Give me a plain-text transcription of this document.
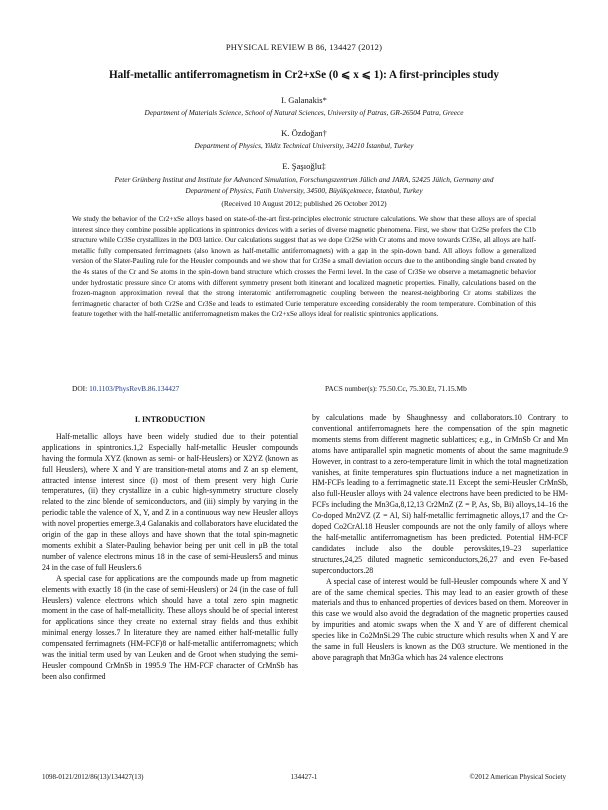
PHYSICAL REVIEW B 86, 134427 (2012)
Half-metallic antiferromagnetism in Cr2+xSe (0 ⩽ x ⩽ 1): A first-principles study
I. Galanakis*
Department of Materials Science, School of Natural Sciences, University of Patras, GR-26504 Patra, Greece
K. Özdoğan†
Department of Physics, Yildiz Technical University, 34210 İstanbul, Turkey
E. Şaşıoğlu‡
Peter Grünberg Institut and Institute for Advanced Simulation, Forschungszentrum Jülich and JARA, 52425 Jülich, Germany and
Department of Physics, Fatih University, 34500, Büyükçekmece, İstanbul, Turkey
(Received 10 August 2012; published 26 October 2012)
We study the behavior of the Cr2+xSe alloys based on state-of-the-art first-principles electronic structure calculations. We show that these alloys are of special interest since they combine possible applications in spintronics devices with a series of diverse magnetic phenomena. First, we show that Cr2Se prefers the C1b structure while Cr3Se crystallizes in the D03 lattice. Our calculations suggest that as we dope Cr2Se with Cr atoms and move towards Cr3Se, all alloys are half-metallic fully compensated ferrimagnets (also known as half-metallic antiferromagnets) with a gap in the spin-down band. All alloys follow a generalized version of the Slater-Pauling rule for the Heusler compounds and we show that for Cr3Se a small deviation occurs due to the antibonding single band created by the 4s states of the Cr and Se atoms in the spin-down band structure which crosses the Fermi level. In the case of Cr3Se we observe a metamagnetic behavior under hydrostatic pressure since Cr atoms with different symmetry present both itinerant and localized magnetic properties. Finally, calculations based on the frozen-magnon approximation reveal that the strong interatomic antiferromagnetic coupling between the nearest-neighboring Cr atoms stabilizes the ferrimagnetic character of both Cr2Se and Cr3Se and leads to estimated Curie temperature exceeding considerably the room temperature. Combination of this feature together with the half-metallic antiferromagnetism makes the Cr2+xSe alloys ideal for realistic spintronics applications.
DOI: 10.1103/PhysRevB.86.134427	PACS number(s): 75.50.Cc, 75.30.Et, 71.15.Mb
I. INTRODUCTION

Half-metallic alloys have been widely studied due to their potential applications in spintronics.1,2 Especially half-metallic Heusler compounds having the formula XYZ (known as semi- or half-Heuslers) or X2YZ (known as full Heuslers), where X and Y are transition-metal atoms and Z an sp element, attracted intense interest since (i) most of them present very high Curie temperatures, (ii) they crystallize in a cubic high-symmetry structure closely related to the zinc blende of semiconductors, and (iii) simply by varying in the periodic table the valence of X, Y, and Z in a continuous way new Heusler alloys with novel properties emerge.3,4 Galanakis and collaborators have elucidated the origin of the gap in these alloys and have shown that the total spin-magnetic moments exhibit a Slater-Pauling behavior being per unit cell in μB the total number of valence electrons minus 18 in the case of semi-Heuslers5 and minus 24 in the case of full Heuslers.6

A special case for applications are the compounds made up from magnetic elements with exactly 18 (in the case of semi-Heuslers) or 24 (in the case of full Heuslers) valence electrons which should have a total zero spin magnetic moment in the case of half-metallicity. These alloys should be of special interest for applications since they create no external stray fields and thus exhibit minimal energy losses.7 In literature they are named either half-metallic fully compensated ferrimagnets (HM-FCF)8 or half-metallic antiferromagnets; which was the initial term used by van Leuken and de Groot when studying the semi-Heusler compound CrMnSb in 1995.9 The HM-FCF character of CrMnSb has been also confirmed

by calculations made by Shaughnessy and collaborators.10 Contrary to conventional antiferromagnets here the compensation of the spin magnetic moments stems from different magnetic sublattices; e.g., in CrMnSb Cr and Mn atoms have antiparallel spin magnetic moments of about the same magnitude.9 However, in contrast to a zero-temperature limit in which the total magnetization vanishes, at finite temperatures spin fluctuations induce a net magnetization in HM-FCFs leading to a ferrimagnetic state.11 Except the semi-Heusler CrMnSb, also full-Heusler alloys with 24 valence electrons have been predicted to be HM-FCFs including the Mn3Ga,8,12,13 Cr2MnZ (Z = P, As, Sb, Bi) alloys,14–16 the Co-doped Mn2VZ (Z = Al, Si) half-metallic ferrimagnetic alloys,17 and the Cr-doped Co2CrAl.18 Heusler compounds are not the only family of alloys where the half-metallic antiferromagnetism has been predicted. Potential HM-FCF candidates include also the double perovskites,19–23 superlattice structures,24,25 diluted magnetic semiconductors,26,27 and even Fe-based superconductors.28

A special case of interest would be full-Heusler compounds where X and Y are of the same chemical species. This may lead to an easier growth of these materials and thus to enhanced properties of devices based on them. Moreover in this case we would also avoid the degradation of the magnetic properties caused by impurities and atomic swaps when the X and Y are of different chemical species like in Co2MnSi.29 The cubic structure which results when X and Y are the same in full Heuslers is known as the D03 structure. We mentioned in the above paragraph that Mn3Ga which has 24 valence electrons

1098-0121/2012/86(13)/134427(13)	134427-1	©2012 American Physical Society
